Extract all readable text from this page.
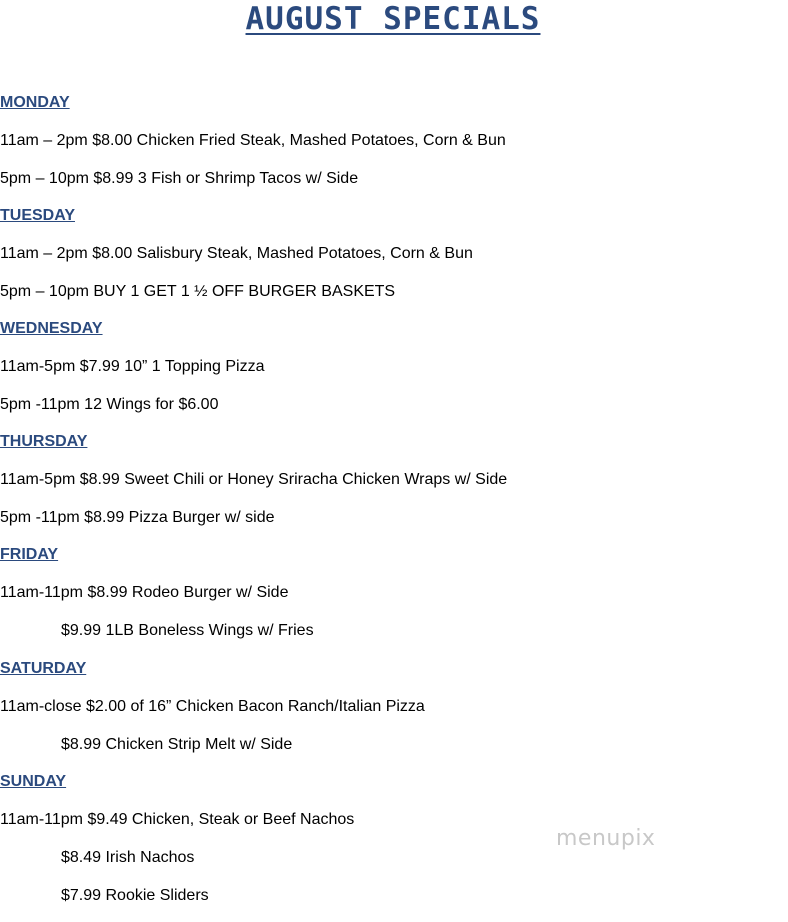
AUGUST SPECIALS
MONDAY
11am – 2pm $8.00 Chicken Fried Steak, Mashed Potatoes, Corn & Bun
5pm – 10pm $8.99 3 Fish or Shrimp Tacos w/ Side
TUESDAY
11am – 2pm $8.00 Salisbury Steak, Mashed Potatoes, Corn & Bun
5pm – 10pm BUY 1 GET 1 ½ OFF BURGER BASKETS
WEDNESDAY
11am-5pm $7.99 10” 1 Topping Pizza
5pm -11pm 12 Wings for $6.00
THURSDAY
11am-5pm $8.99 Sweet Chili or Honey Sriracha Chicken Wraps w/ Side
5pm -11pm $8.99 Pizza Burger w/ side
FRIDAY
11am-11pm $8.99 Rodeo Burger w/ Side
$9.99 1LB Boneless Wings w/ Fries
SATURDAY
11am-close $2.00 of 16” Chicken Bacon Ranch/Italian Pizza
$8.99 Chicken Strip Melt w/ Side
SUNDAY
11am-11pm $9.49 Chicken, Steak or Beef Nachos
$8.49 Irish Nachos
$7.99 Rookie Sliders
menupix
